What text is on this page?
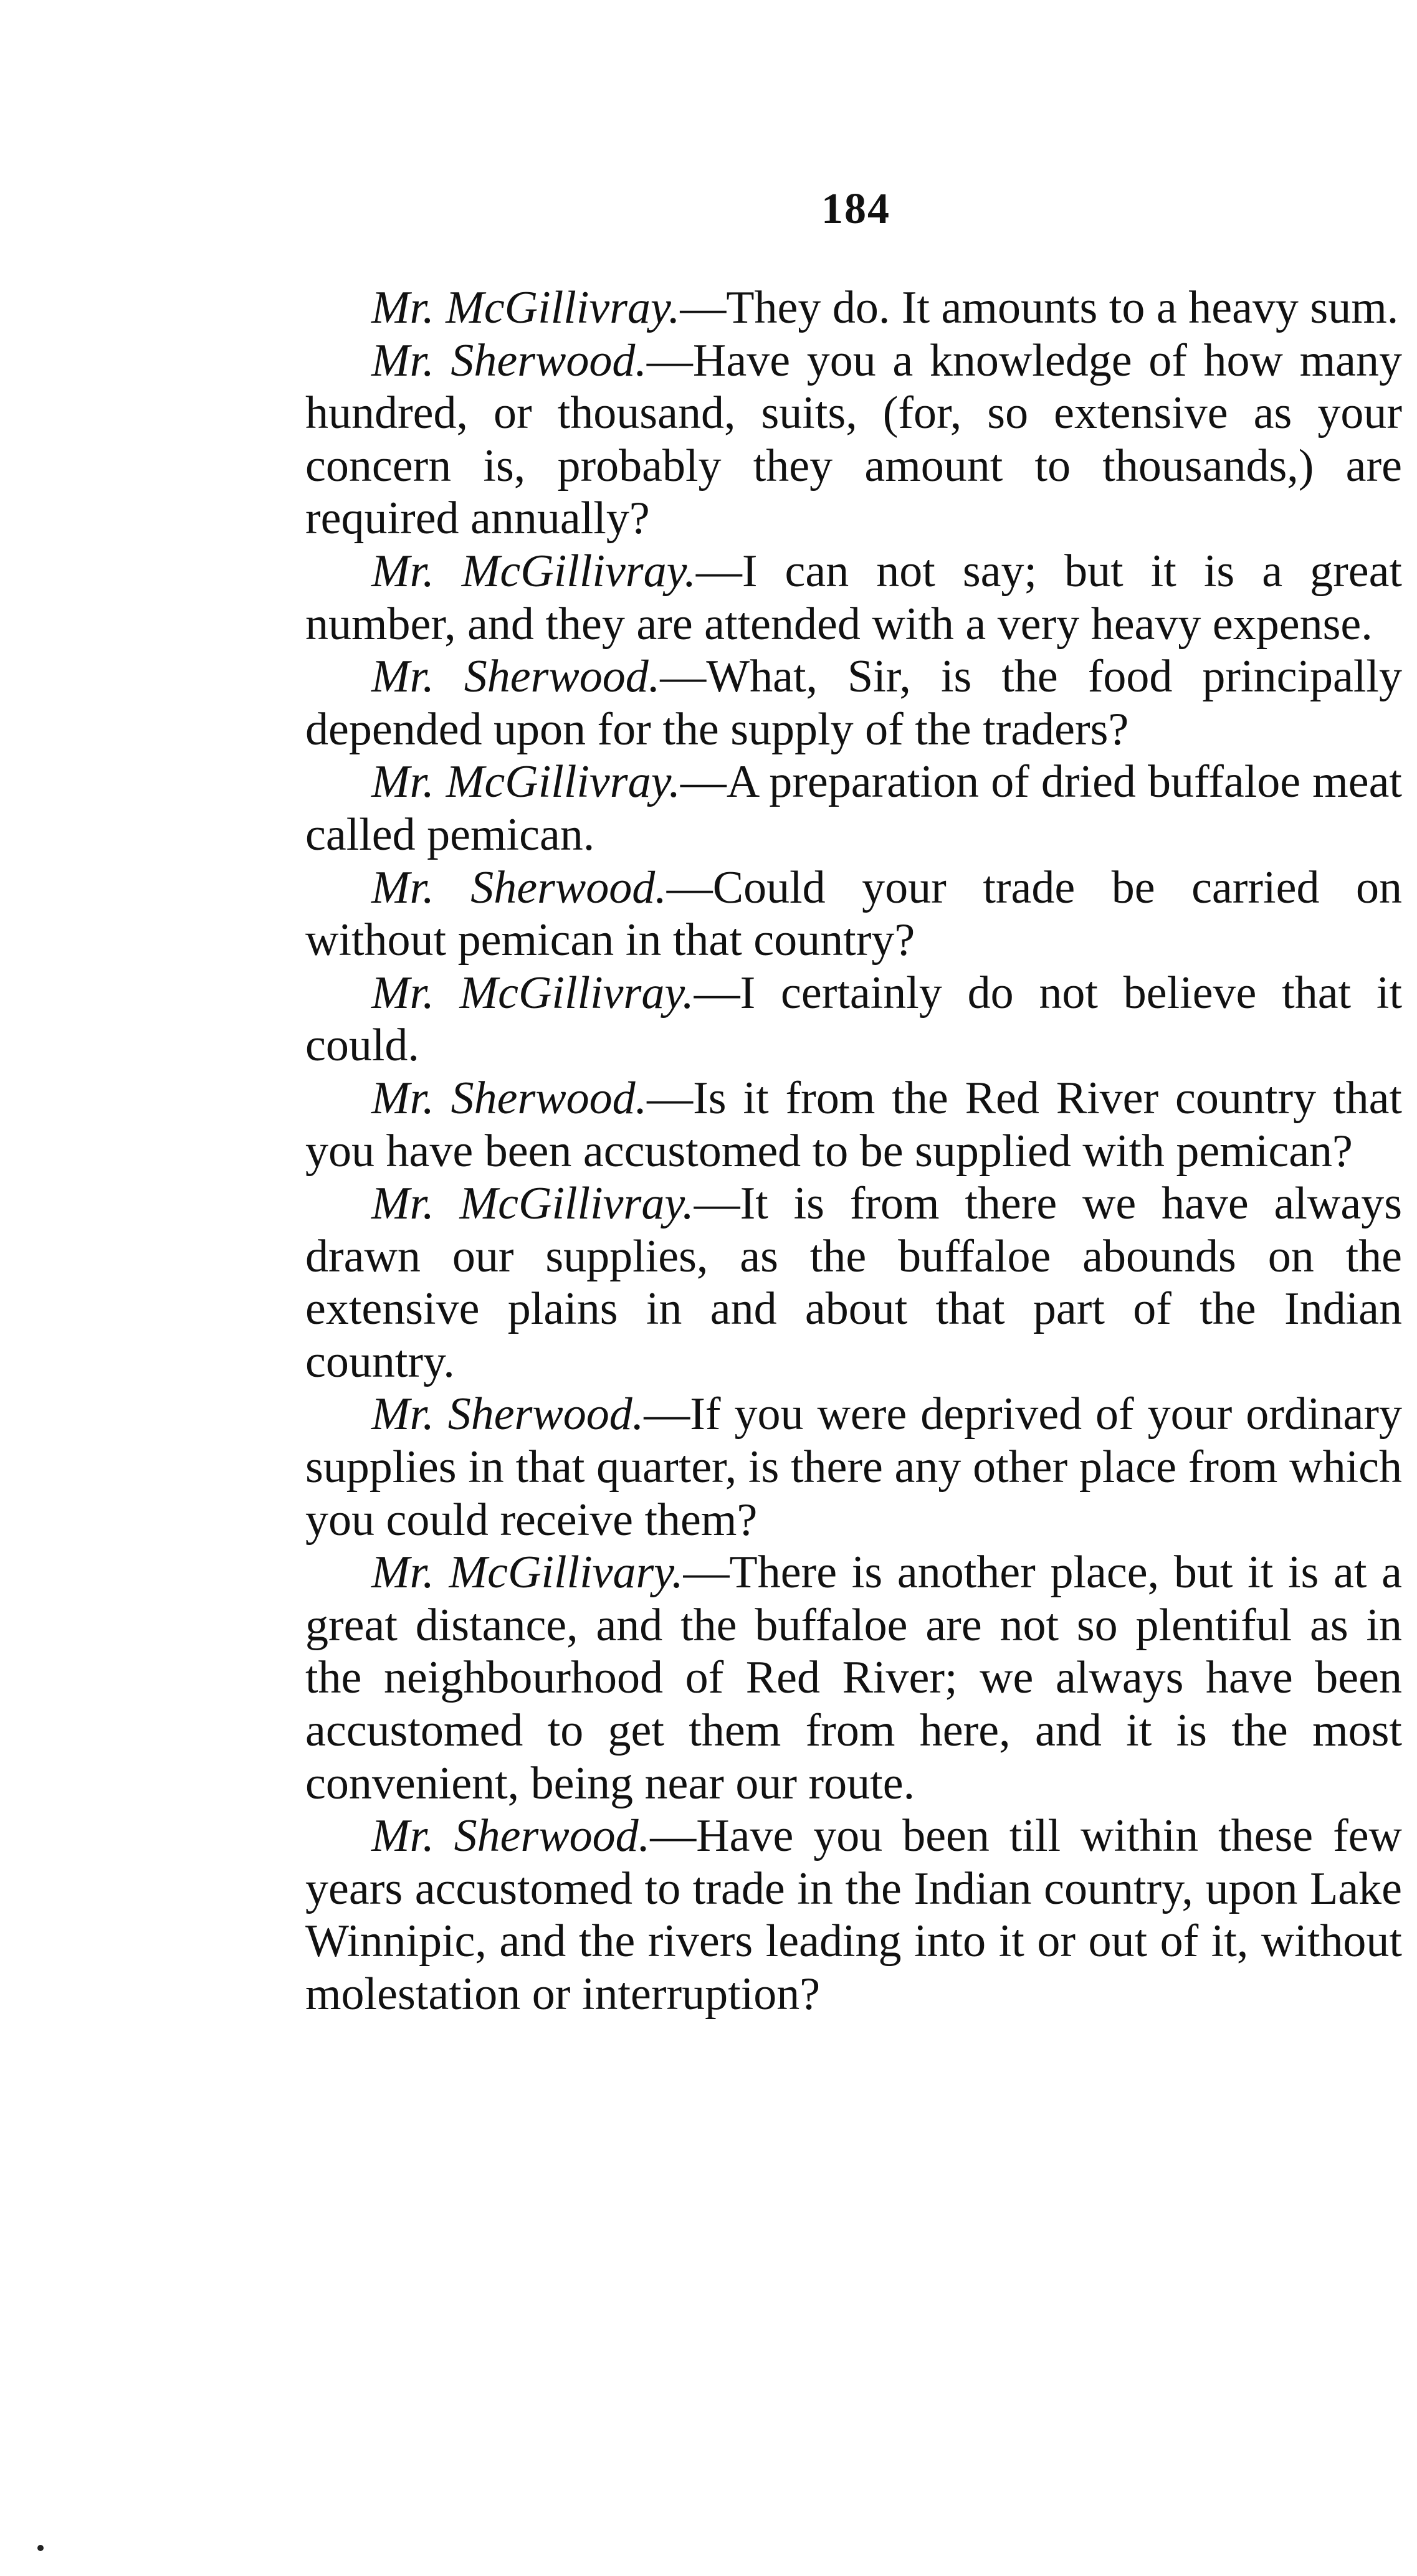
184

Mr. McGillivray.—They do. It amounts to a heavy sum.

Mr. Sherwood.—Have you a knowledge of how many hundred, or thousand, suits, (for, so extensive as your concern is, probably they amount to thousands,) are required annually?

Mr. McGillivray.—I can not say; but it is a great number, and they are attended with a very heavy expense.

Mr. Sherwood.—What, Sir, is the food principally depended upon for the supply of the traders?

Mr. McGillivray.—A preparation of dried buffaloe meat called pemican.

Mr. Sherwood.—Could your trade be carried on without pemican in that country?

Mr. McGillivray.—I certainly do not believe that it could.

Mr. Sherwood.—Is it from the Red River country that you have been accustomed to be supplied with pemican?

Mr. McGillivray.—It is from there we have always drawn our supplies, as the buffaloe abounds on the extensive plains in and about that part of the Indian country.

Mr. Sherwood.—If you were deprived of your ordinary supplies in that quarter, is there any other place from which you could receive them?

Mr. McGillivary.—There is another place, but it is at a great distance, and the buffaloe are not so plentiful as in the neighbourhood of Red River; we always have been accustomed to get them from here, and it is the most convenient, being near our route.

Mr. Sherwood.—Have you been till within these few years accustomed to trade in the Indian country, upon Lake Winnipic, and the rivers leading into it or out of it, without molestation or interruption?
